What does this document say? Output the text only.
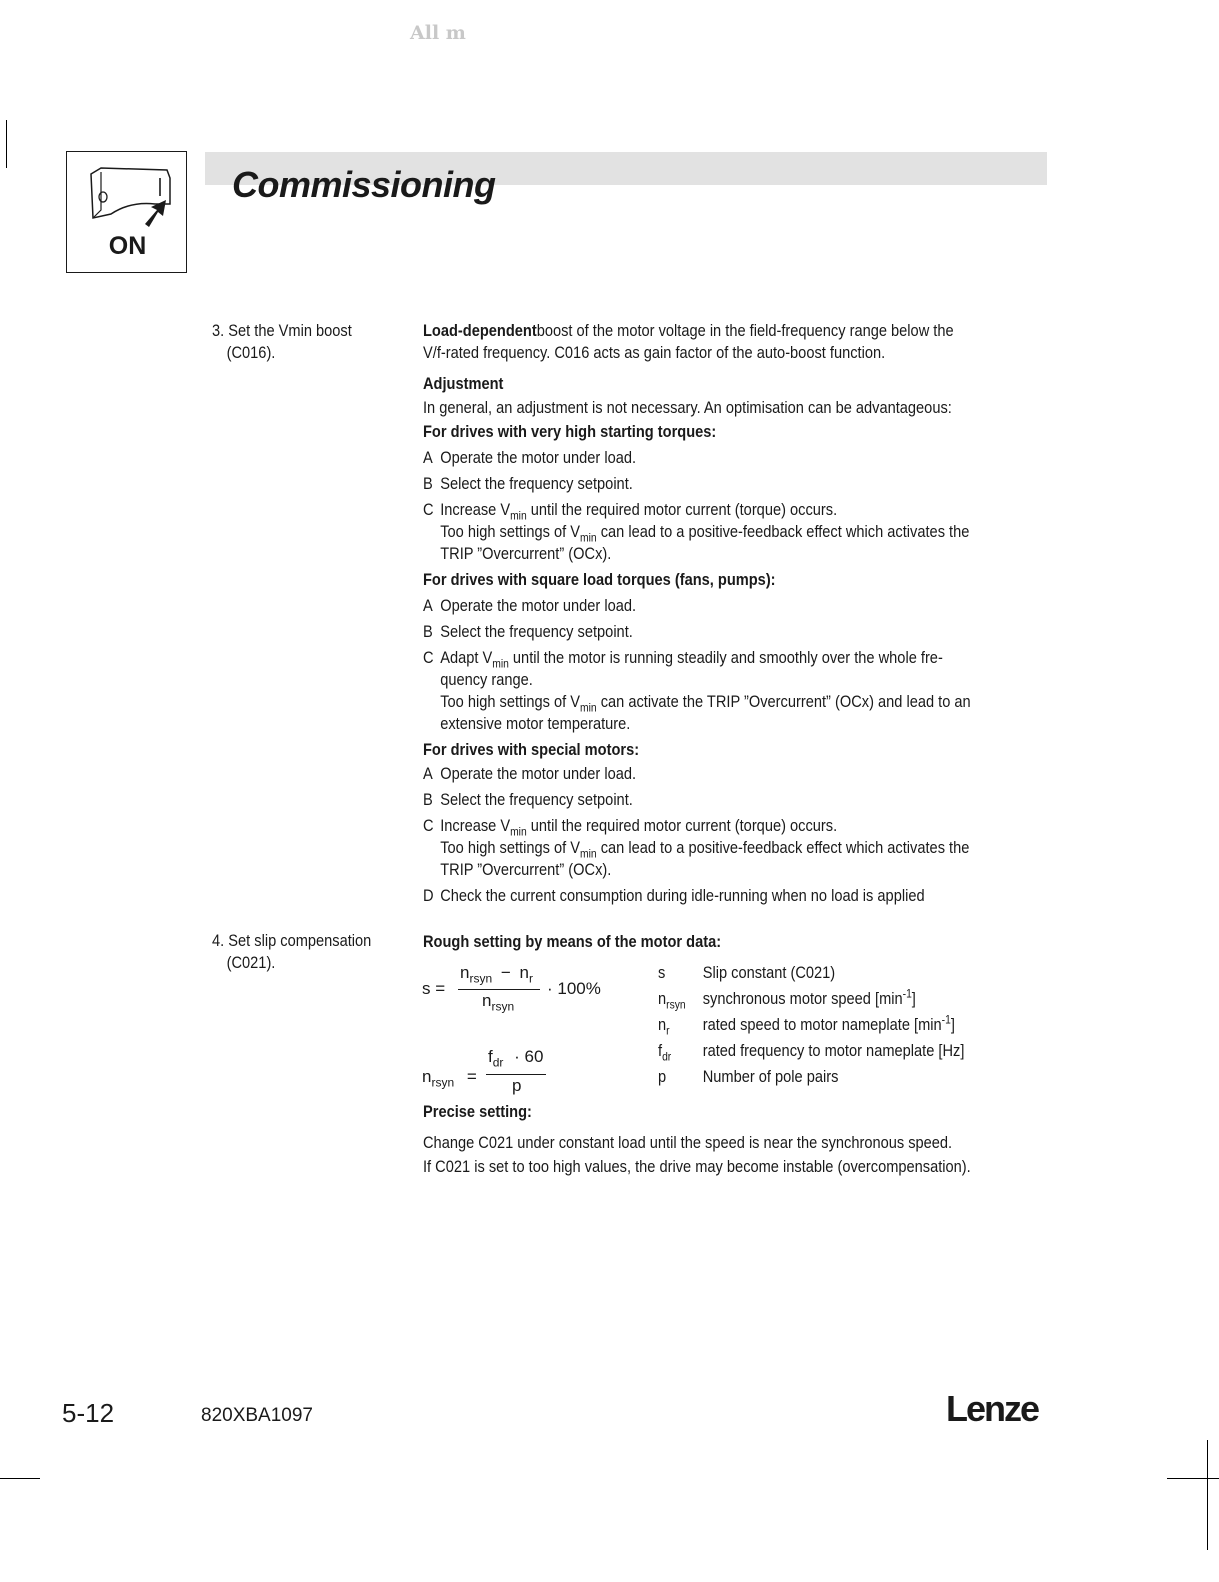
All m
ON
Commissioning
3. Set the Vmin boost
(C016).
Load-dependentboost of the motor voltage in the field-frequency range below the
V/f-rated frequency. C016 acts as gain factor of the auto-boost function.
Adjustment
In general, an adjustment is not necessary. An optimisation can be advantageous:
For drives with very high starting torques:
A Operate the motor under load.
B Select the frequency setpoint.
C Increase $V_{min}$ until the required motor current (torque) occurs.
Too high settings of $V_{min}$ can lead to a positive-feedback effect which activates the
TRIP ”Overcurrent” (OCx).
For drives with square load torques (fans, pumps):
A Operate the motor under load.
B Select the frequency setpoint.
C Adapt $V_{min}$ until the motor is running steadily and smoothly over the whole fre-
quency range.
Too high settings of $V_{min}$ can activate the TRIP ”Overcurrent” (OCx) and lead to an
extensive motor temperature.
For drives with special motors:
A Operate the motor under load.
B Select the frequency setpoint.
C Increase $V_{min}$ until the required motor current (torque) occurs.
Too high settings of $V_{min}$ can lead to a positive-feedback effect which activates the
TRIP ”Overcurrent” (OCx).
D Check the current consumption during idle-running when no load is applied
4. Set slip compensation
(C021).
Rough setting by means of the motor data:
s =
$n_{rsyn} - n_r$
$n_{rsyn}$
· 100%
$n_{rsyn}$ =
$f_{dr} \cdot 60$
p
s Slip constant (C021)
$n_{rsyn}$ synchronous motor speed $[\min^{-1}]$
$n_r$ rated speed to motor nameplate $[\min^{-1}]$
$f_{dr}$ rated frequency to motor nameplate [Hz]
p Number of pole pairs
Precise setting:
Change C021 under constant load until the speed is near the synchronous speed.
If C021 is set to too high values, the drive may become instable (overcompensation).
5-12	820XBA1097	Lenze
